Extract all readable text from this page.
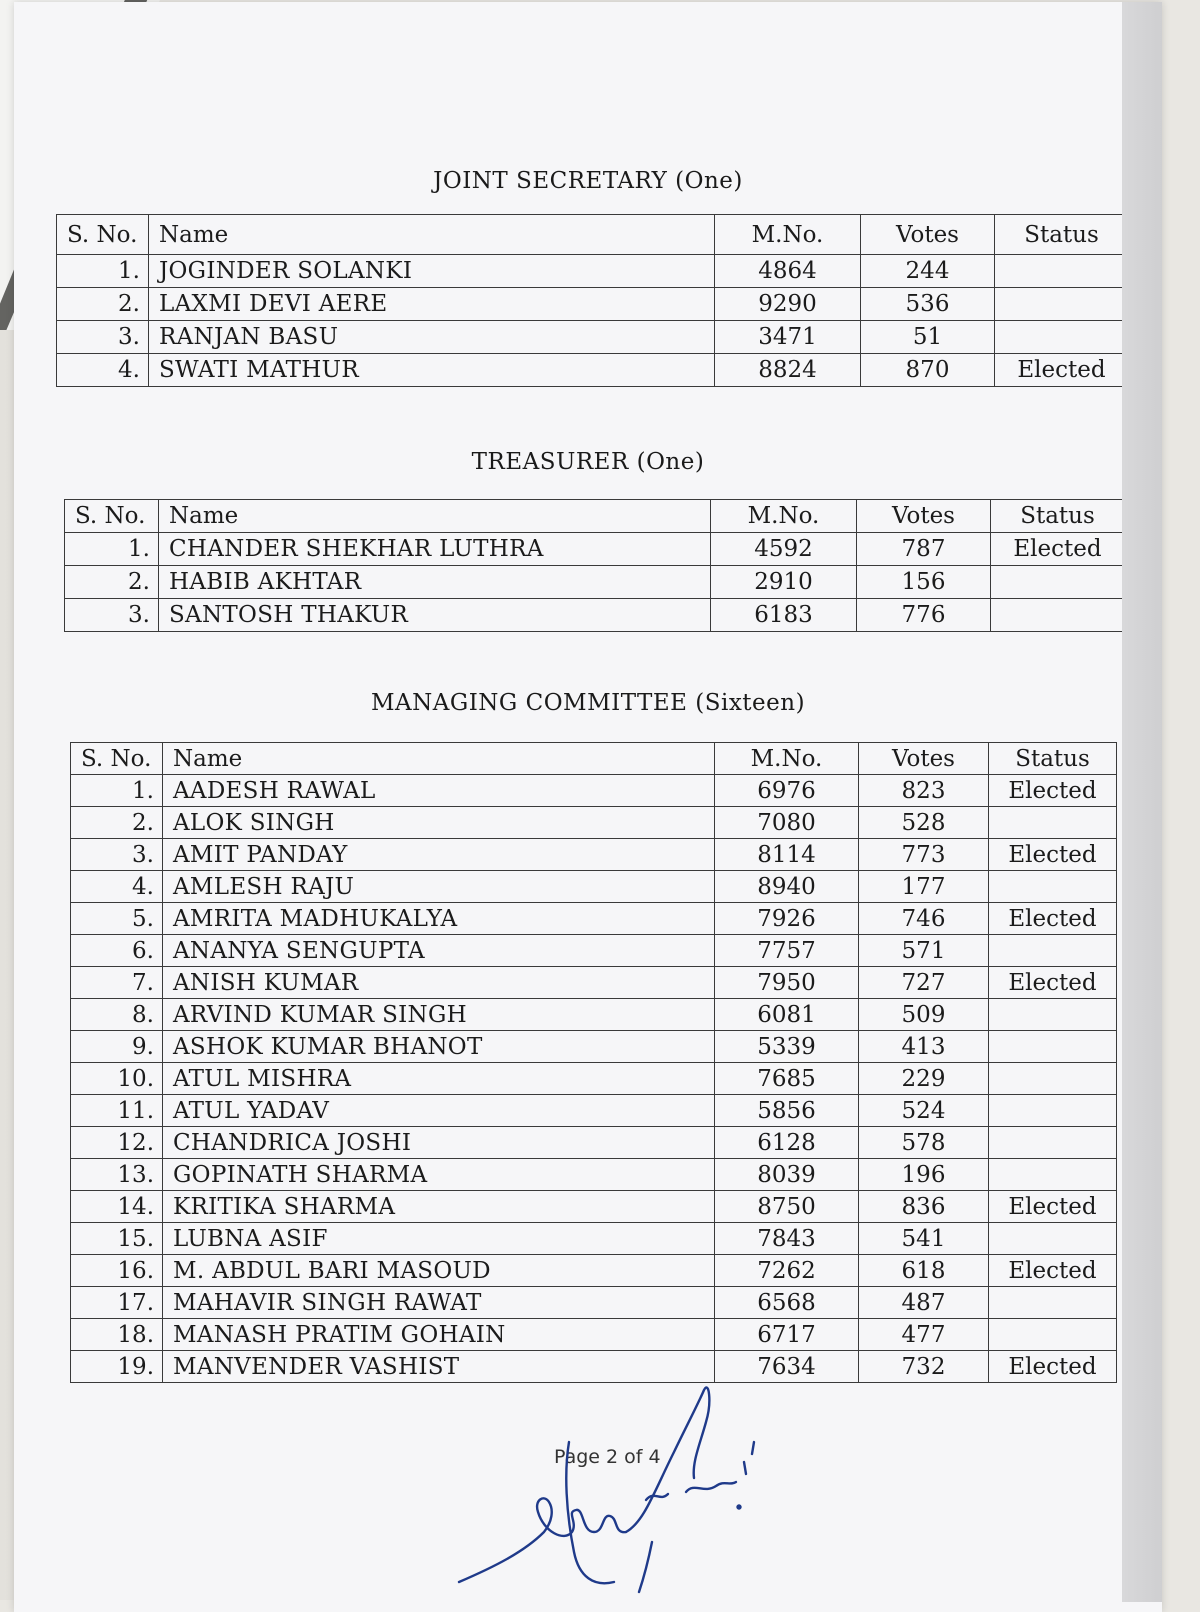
JOINT SECRETARY (One)
S. No.	Name	M.No.	Votes	Status
1.	JOGINDER SOLANKI	4864	244	
2.	LAXMI DEVI AERE	9290	536	
3.	RANJAN BASU	3471	51	
4.	SWATI MATHUR	8824	870	Elected
TREASURER (One)
S. No.	Name	M.No.	Votes	Status
1.	CHANDER SHEKHAR LUTHRA	4592	787	Elected
2.	HABIB AKHTAR	2910	156	
3.	SANTOSH THAKUR	6183	776	
MANAGING COMMITTEE (Sixteen)
S. No.	Name	M.No.	Votes	Status
1.	AADESH RAWAL	6976	823	Elected
2.	ALOK SINGH	7080	528	
3.	AMIT PANDAY	8114	773	Elected
4.	AMLESH RAJU	8940	177	
5.	AMRITA MADHUKALYA	7926	746	Elected
6.	ANANYA SENGUPTA	7757	571	
7.	ANISH KUMAR	7950	727	Elected
8.	ARVIND KUMAR SINGH	6081	509	
9.	ASHOK KUMAR BHANOT	5339	413	
10.	ATUL MISHRA	7685	229	
11.	ATUL YADAV	5856	524	
12.	CHANDRICA JOSHI	6128	578	
13.	GOPINATH SHARMA	8039	196	
14.	KRITIKA SHARMA	8750	836	Elected
15.	LUBNA ASIF	7843	541	
16.	M. ABDUL BARI MASOUD	7262	618	Elected
17.	MAHAVIR SINGH RAWAT	6568	487	
18.	MANASH PRATIM GOHAIN	6717	477	
19.	MANVENDER VASHIST	7634	732	Elected
Page 2 of 4
